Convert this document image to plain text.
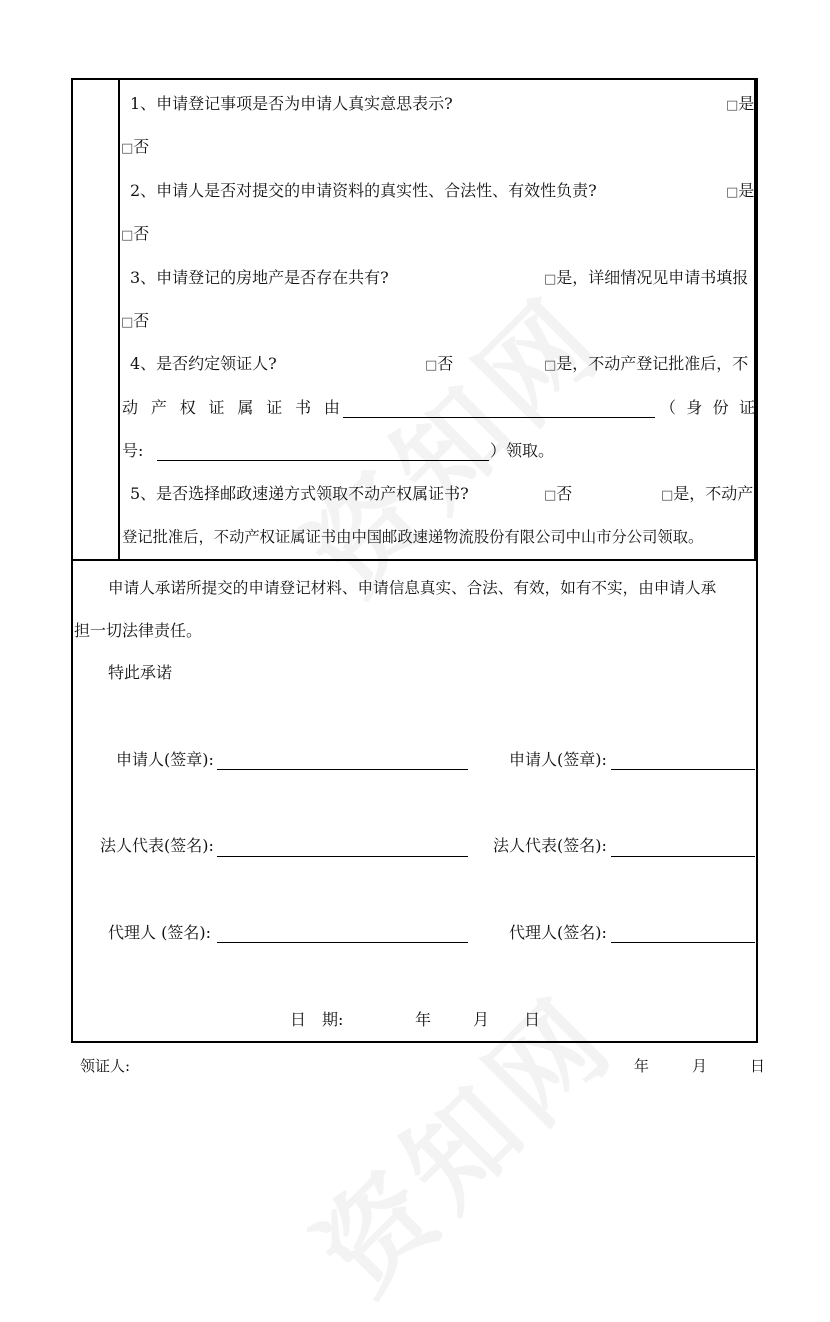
1、申请登记事项是否为申请人真实意思表示?	□是
□否
2、申请人是否对提交的申请资料的真实性、合法性、有效性负责?	□是
□否
3、申请登记的房地产是否存在共有?	□是，详细情况见申请书填报
□否
4、是否约定领证人?	□否	□是，不动产登记批准后，不
动 产 权 证 属 证 书 由	（ 身 份 证
号:	）领取。
5、是否选择邮政速递方式领取不动产权属证书?	□否	□是，不动产
登记批准后，不动产权证属证书由中国邮政速递物流股份有限公司中山市分公司领取。
申请人承诺所提交的申请登记材料、申请信息真实、合法、有效，如有不实，由申请人承
担一切法律责任。
特此承诺
申请人(签章):	申请人(签章):
法人代表(签名):	法人代表(签名):
代理人 (签名):	代理人(签名):
日　期:	年	月 日
领证人:	年	月	日
